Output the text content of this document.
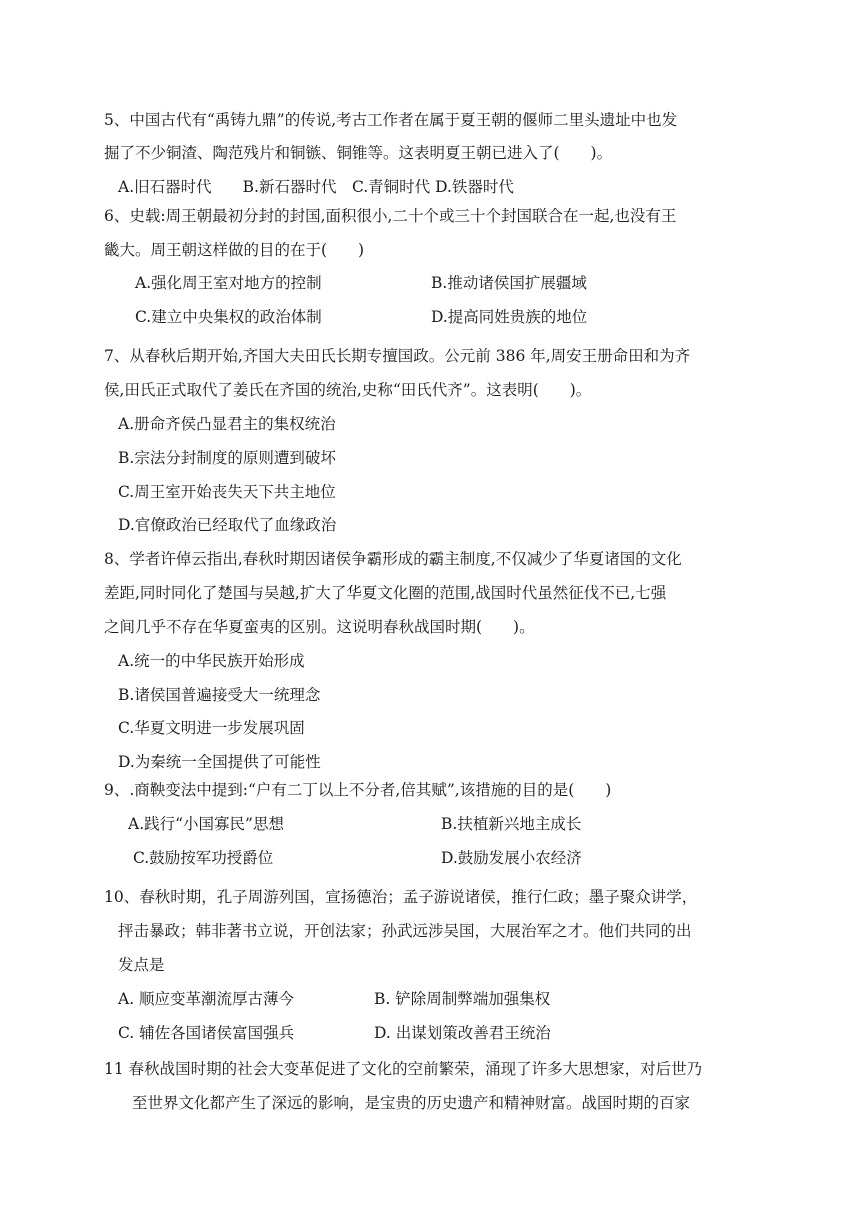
5、中国古代有“禹铸九鼎”的传说,考古工作者在属于夏王朝的偃师二里头遗址中也发
掘了不少铜渣、陶范残片和铜镞、铜锥等。这表明夏王朝已进入了(　　)。
A.旧石器时代　　B.新石器时代　C.青铜时代 D.铁器时代
6、史载:周王朝最初分封的封国,面积很小,二十个或三十个封国联合在一起,也没有王
畿大。周王朝这样做的目的在于(　　)
A.强化周王室对地方的控制	B.推动诸侯国扩展疆域
C.建立中央集权的政治体制	D.提高同姓贵族的地位
7、从春秋后期开始,齐国大夫田氏长期专擅国政。公元前 386 年,周安王册命田和为齐
侯,田氏正式取代了姜氏在齐国的统治,史称“田氏代齐”。这表明(　　)。
A.册命齐侯凸显君主的集权统治
B.宗法分封制度的原则遭到破坏
C.周王室开始丧失天下共主地位
D.官僚政治已经取代了血缘政治
8、学者许倬云指出,春秋时期因诸侯争霸形成的霸主制度,不仅减少了华夏诸国的文化
差距,同时同化了楚国与吴越,扩大了华夏文化圈的范围,战国时代虽然征伐不已,七强
之间几乎不存在华夏蛮夷的区别。这说明春秋战国时期(　　)。
A.统一的中华民族开始形成
B.诸侯国普遍接受大一统理念
C.华夏文明进一步发展巩固
D.为秦统一全国提供了可能性
9、.商鞅变法中提到:“户有二丁以上不分者,倍其赋”,该措施的目的是(　　)
A.践行“小国寡民”思想	B.扶植新兴地主成长
C.鼓励按军功授爵位	D.鼓励发展小农经济
10、春秋时期，孔子周游列国，宣扬德治；孟子游说诸侯，推行仁政；墨子聚众讲学，
抨击暴政；韩非著书立说，开创法家；孙武远涉吴国，大展治军之才。他们共同的出
发点是
A. 顺应变革潮流厚古薄今	B. 铲除周制弊端加强集权
C. 辅佐各国诸侯富国强兵	D. 出谋划策改善君王统治
11 春秋战国时期的社会大变革促进了文化的空前繁荣，涌现了许多大思想家，对后世乃
至世界文化都产生了深远的影响，是宝贵的历史遗产和精神财富。战国时期的百家
